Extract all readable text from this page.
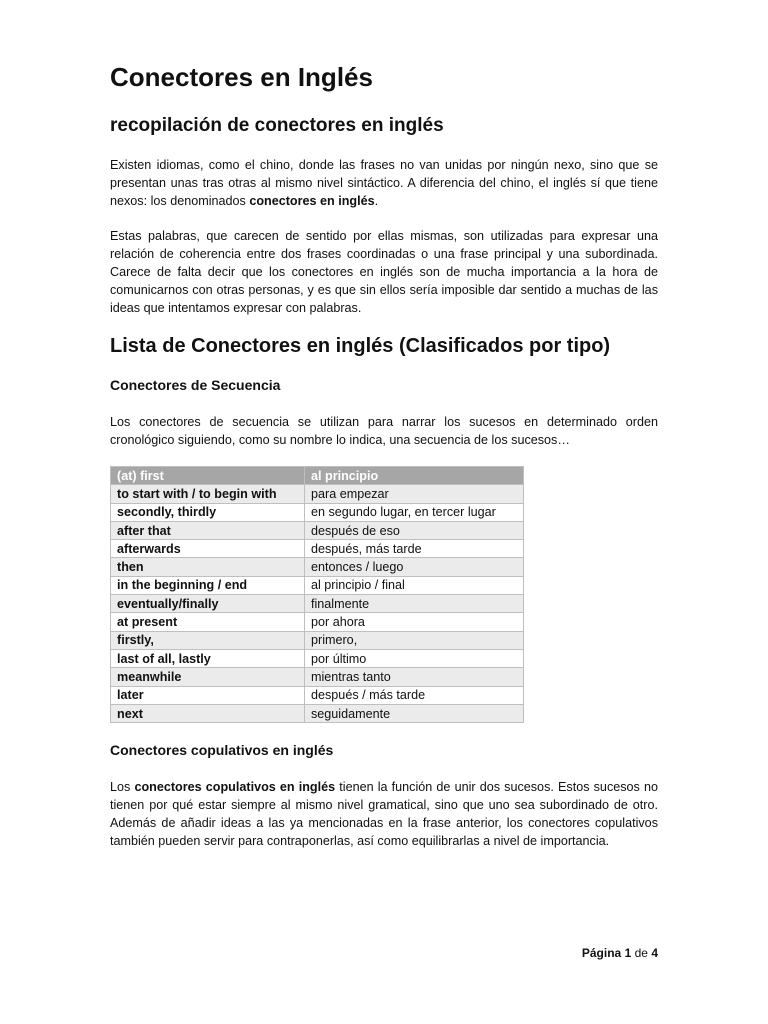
Conectores en Inglés
recopilación de conectores en inglés

Existen idiomas, como el chino, donde las frases no van unidas por ningún nexo, sino que se presentan unas tras otras al mismo nivel sintáctico. A diferencia del chino, el inglés sí que tiene nexos: los denominados conectores en inglés.

Estas palabras, que carecen de sentido por ellas mismas, son utilizadas para expresar una relación de coherencia entre dos frases coordinadas o una frase principal y una subordinada. Carece de falta decir que los conectores en inglés son de mucha importancia a la hora de comunicarnos con otras personas, y es que sin ellos sería imposible dar sentido a muchas de las ideas que intentamos expresar con palabras.

Lista de Conectores en inglés (Clasificados por tipo)
Conectores de Secuencia

Los conectores de secuencia se utilizan para narrar los sucesos en determinado orden cronológico siguiendo, como su nombre lo indica, una secuencia de los sucesos…

(at) first	al principio
to start with / to begin with	para empezar
secondly, thirdly	en segundo lugar, en tercer lugar
after that	después de eso
afterwards	después, más tarde
then	entonces / luego
in the beginning / end	al principio / final
eventually/finally	finalmente
at present	por ahora
firstly,	primero,
last of all, lastly	por último
meanwhile	mientras tanto
later	después / más tarde
next	seguidamente
Conectores copulativos en inglés

Los conectores copulativos en inglés tienen la función de unir dos sucesos. Estos sucesos no tienen por qué estar siempre al mismo nivel gramatical, sino que uno sea subordinado de otro. Además de añadir ideas a las ya mencionadas en la frase anterior, los conectores copulativos también pueden servir para contraponerlas, así como equilibrarlas a nivel de importancia.

Página 1 de 4
